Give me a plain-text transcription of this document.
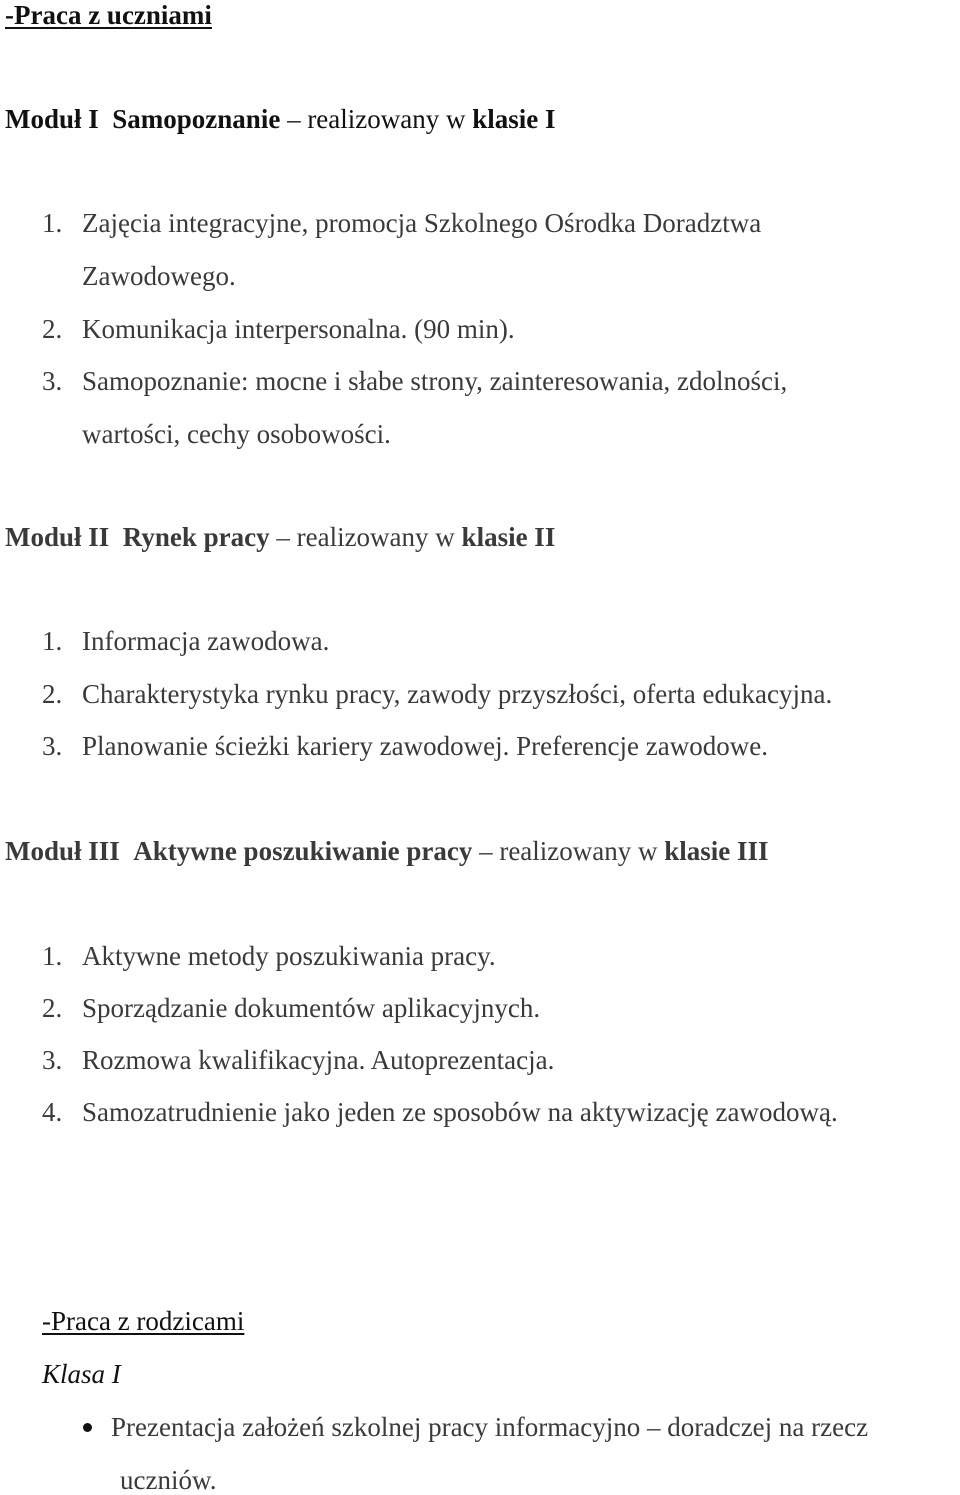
-Praca z uczniami
Moduł I Samopoznanie – realizowany w klasie I
1. Zajęcia integracyjne, promocja Szkolnego Ośrodka Doradztwa
Zawodowego.
2. Komunikacja interpersonalna. (90 min).
3. Samopoznanie: mocne i słabe strony, zainteresowania, zdolności,
wartości, cechy osobowości.
Moduł II Rynek pracy – realizowany w klasie II
1. Informacja zawodowa.
2. Charakterystyka rynku pracy, zawody przyszłości, oferta edukacyjna.
3. Planowanie ścieżki kariery zawodowej. Preferencje zawodowe.
Moduł III Aktywne poszukiwanie pracy – realizowany w klasie III
1. Aktywne metody poszukiwania pracy.
2. Sporządzanie dokumentów aplikacyjnych.
3. Rozmowa kwalifikacyjna. Autoprezentacja.
4. Samozatrudnienie jako jeden ze sposobów na aktywizację zawodową.
-Praca z rodzicami
Klasa I
Prezentacja założeń szkolnej pracy informacyjno – doradczej na rzecz
uczniów.
